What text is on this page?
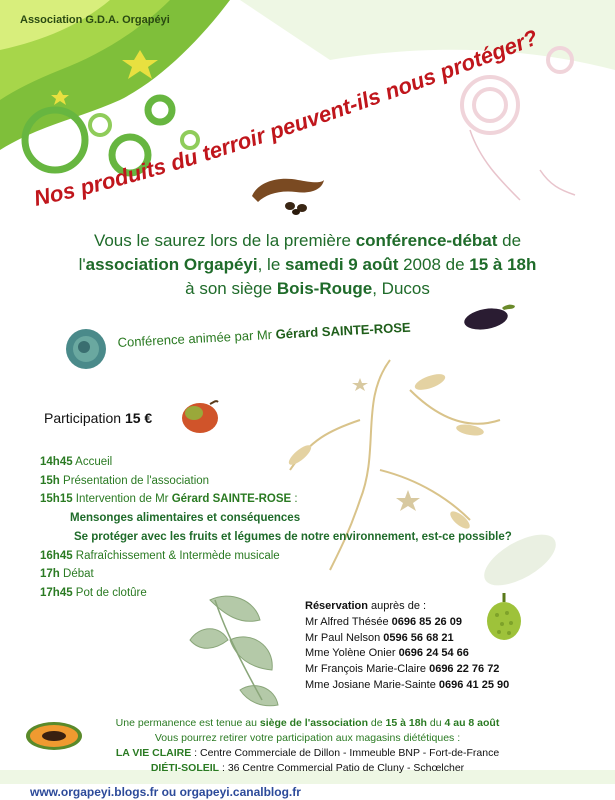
Association G.D.A. Orgapéyi
Nos produits du terroir peuvent-ils nous protéger?
Vous le saurez lors de la première conférence-débat de
l'association Orgapéyi, le samedi 9 août 2008 de 15 à 18h
à son siège Bois-Rouge, Ducos
Conférence animée par Mr Gérard SAINTE-ROSE
Participation 15 €
14h45 Accueil
15h Présentation de l'association
15h15 Intervention de Mr Gérard SAINTE-ROSE :
Mensonges alimentaires et conséquences
Se protéger avec les fruits et légumes de notre environnement, est-ce possible?
16h45 Rafraîchissement & Intermède musicale
17h Débat
17h45 Pot de clotûre
Réservation auprès de :
Mr Alfred Thésée 0696 85 26 09
Mr Paul Nelson 0596 56 68 21
Mme Yolène Onier 0696 24 54 66
Mr François Marie-Claire 0696 22 76 72
Mme Josiane Marie-Sainte 0696 41 25 90
Une permanence est tenue au siège de l'association de 15 à 18h du 4 au 8 août
Vous pourrez retirer votre participation aux magasins diététiques :
LA VIE CLAIRE : Centre Commerciale de Dillon - Immeuble BNP - Fort-de-France
DIÉTI-SOLEIL : 36 Centre Commercial Patio de Cluny - Schœlcher
www.orgapeyi.blogs.fr ou orgapeyi.canalblog.fr
